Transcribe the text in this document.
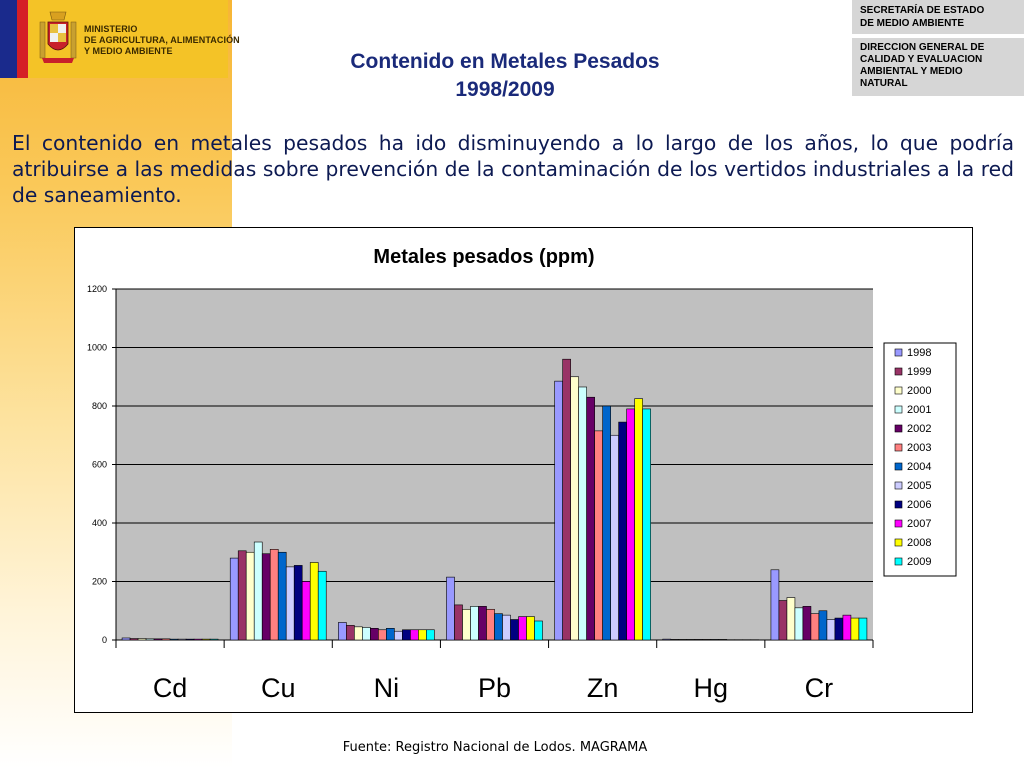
MINISTERIO
DE AGRICULTURA, ALIMENTACIÓN
Y MEDIO AMBIENTE
SECRETARÍA DE ESTADO
DE MEDIO AMBIENTE
DIRECCION GENERAL DE
CALIDAD Y EVALUACION
AMBIENTAL Y MEDIO
NATURAL
Contenido en Metales Pesados
1998/2009
El contenido en metales pesados ha ido disminuyendo a lo largo de los años, lo que podría atribuirse a las medidas sobre prevención de la contaminación de los vertidos industriales a la red de saneamiento.
Metales pesados (ppm)
0
200
400
600
800
1000
1200
Cd	Cu	Ni	Pb	Zn	Hg	Cr
1998
1999
2000
2001
2002
2003
2004
2005
2006
2007
2008
2009
Fuente: Registro Nacional de Lodos. MAGRAMA
